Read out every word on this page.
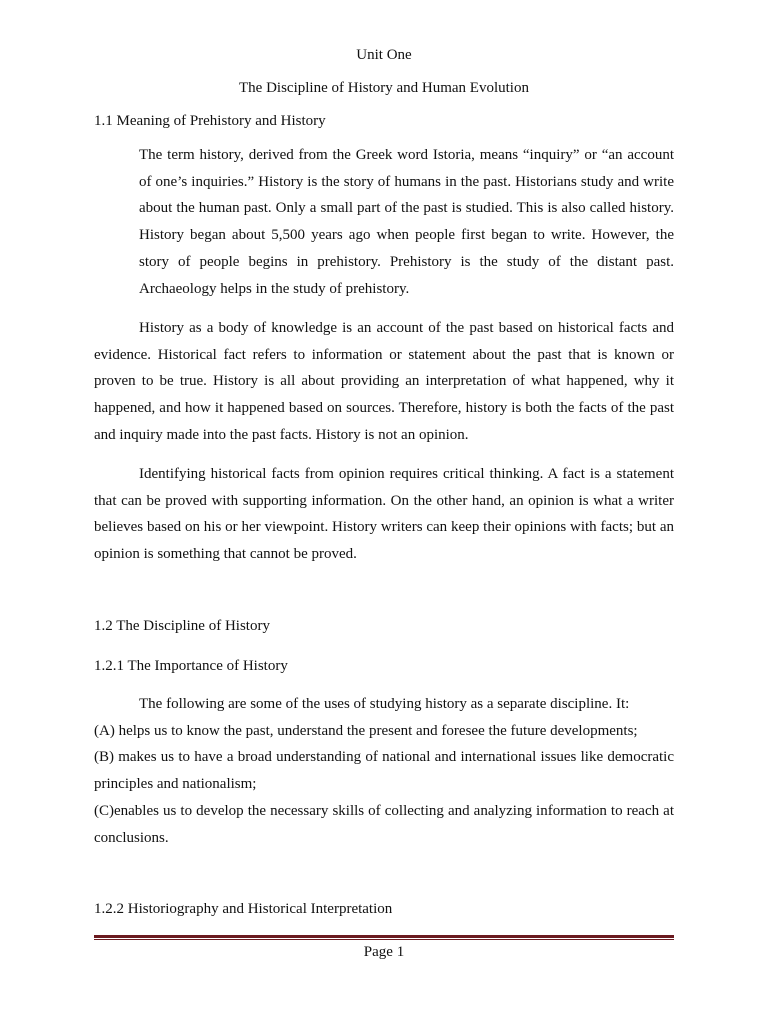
Unit One

The Discipline of History and Human Evolution

1.1 Meaning of Prehistory and History

The term history, derived from the Greek word Istoria, means “inquiry” or “an account of one’s inquiries.” History is the story of humans in the past. Historians study and write about the human past. Only a small part of the past is studied. This is also called history. History began about 5,500 years ago when people first began to write. However, the story of people begins in prehistory. Prehistory is the study of the distant past. Archaeology helps in the study of prehistory.

History as a body of knowledge is an account of the past based on historical facts and evidence. Historical fact refers to information or statement about the past that is known or proven to be true. History is all about providing an interpretation of what happened, why it happened, and how it happened based on sources. Therefore, history is both the facts of the past and inquiry made into the past facts. History is not an opinion.

Identifying historical facts from opinion requires critical thinking. A fact is a statement that can be proved with supporting information. On the other hand, an opinion is what a writer believes based on his or her viewpoint. History writers can keep their opinions with facts; but an opinion is something that cannot be proved.

1.2 The Discipline of History

1.2.1 The Importance of History

The following are some of the uses of studying history as a separate discipline. It:

(A) helps us to know the past, understand the present and foresee the future developments;

(B) makes us to have a broad understanding of national and international issues like democratic principles and nationalism;

(C)enables us to develop the necessary skills of collecting and analyzing information to reach at conclusions.

1.2.2 Historiography and Historical Interpretation

Page 1
